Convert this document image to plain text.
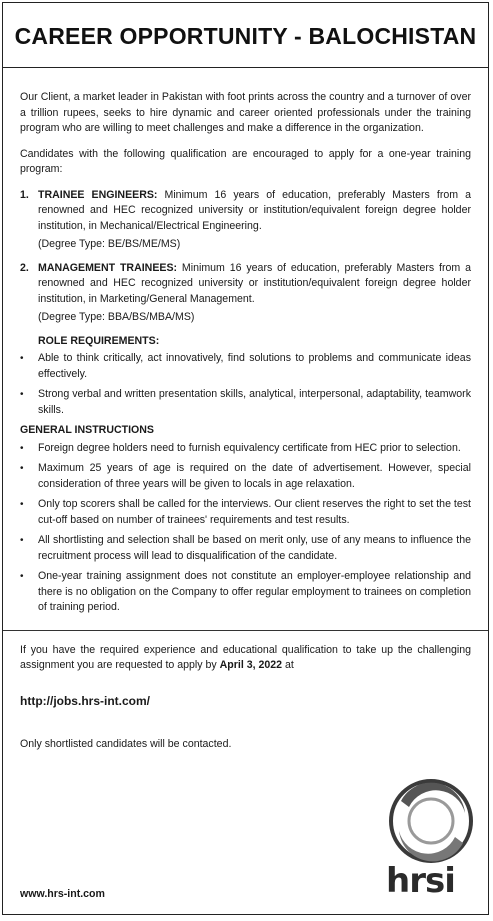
CAREER OPPORTUNITY - BALOCHISTAN

Our Client, a market leader in Pakistan with foot prints across the country and a turnover of over a trillion rupees, seeks to hire dynamic and career oriented professionals under the training program who are willing to meet challenges and make a difference in the organization.

Candidates with the following qualification are encouraged to apply for a one-year training program:

1. TRAINEE ENGINEERS: Minimum 16 years of education, preferably Masters from a renowned and HEC recognized university or institution/equivalent foreign degree holder institution, in Mechanical/Electrical Engineering.
(Degree Type: BE/BS/ME/MS)
2. MANAGEMENT TRAINEES: Minimum 16 years of education, preferably Masters from a renowned and HEC recognized university or institution/equivalent foreign degree holder institution, in Marketing/General Management.
(Degree Type: BBA/BS/MBA/MS)
ROLE REQUIREMENTS:
•	Able to think critically, act innovatively, find solutions to problems and communicate ideas effectively.
•	Strong verbal and written presentation skills, analytical, interpersonal, adaptability, teamwork skills.
GENERAL INSTRUCTIONS
•	Foreign degree holders need to furnish equivalency certificate from HEC prior to selection.
•	Maximum 25 years of age is required on the date of advertisement. However, special consideration of three years will be given to locals in age relaxation.
•	Only top scorers shall be called for the interviews. Our client reserves the right to set the test cut-off based on number of trainees' requirements and test results.
•	All shortlisting and selection shall be based on merit only, use of any means to influence the recruitment process will lead to disqualification of the candidate.
•	One-year training assignment does not constitute an employer-employee relationship and there is no obligation on the Company to offer regular employment to trainees on completion of training period.

If you have the required experience and educational qualification to take up the challenging assignment you are requested to apply by April 3, 2022 at

http://jobs.hrs-int.com/
Only shortlisted candidates will be contacted.
www.hrs-int.com	hrsi
